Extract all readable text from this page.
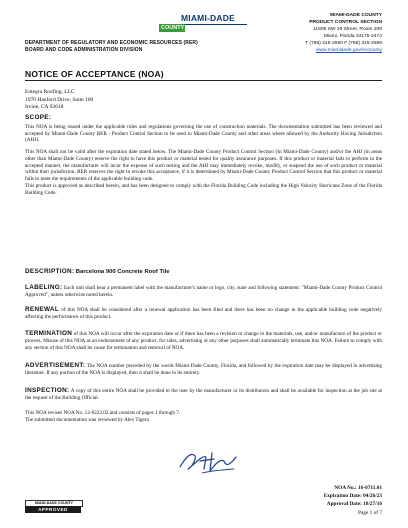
MIAMI-DADE
COUNTY
DEPARTMENT OF REGULATORY AND ECONOMIC RESOURCES (RER)
BOARD AND CODE ADMINISTRATION DIVISION
MIAMI-DADE COUNTY
PRODUCT CONTROL SECTION
11805 SW 26 Street, Room 208
Miami, Florida 33175-2474
T (786) 315-2590 F (786) 315-2599
www.miamidade.gov/economy
NOTICE OF ACCEPTANCE (NOA)
Entegra Roofing, LLC
1970 Hanford Drive, Suite 100
Irvine, CA 92618
SCOPE:

This NOA is being issued under the applicable rules and regulations governing the use of construction materials. The documentation submitted has been reviewed and accepted by Miami-Dade County RER - Product Control Section to be used in Miami-Dade County and other areas where allowed by the Authority Having Jurisdiction (AHJ).

This NOA shall not be valid after the expiration date stated below. The Miami-Dade County Product Control Section (In Miami-Dade County) and/or the AHJ (in areas other than Miami-Dade County) reserve the right to have this product or material tested for quality assurance purposes. If this product or material fails to perform in the accepted manner, the manufacturer will incur the expense of such testing and the AHJ may immediately revoke, modify, or suspend the use of such product or material within their jurisdiction. RER reserves the right to revoke this acceptance, if it is determined by Miami-Dade County Product Control Section that this product or material fails to meet the requirements of the applicable building code.

This product is approved as described herein, and has been designed to comply with the Florida Building Code including the High Velocity Hurricane Zone of the Florida Building Code.

DESCRIPTION: Barcelona 900 Concrete Roof Tile
LABELING: Each unit shall bear a permanent label with the manufacturer's name or logo, city, state and following statement: "Miami-Dade County Product Control Approved", unless otherwise noted herein.
RENEWAL of this NOA shall be considered after a renewal application has been filed and there has been no change in the applicable building code negatively affecting the performance of this product.
TERMINATION of this NOA will occur after the expiration date or if there has been a revision or change in the materials, use, and/or manufacture of the product or process. Misuse of this NOA as an endorsement of any product, for sales, advertising or any other purposes shall automatically terminate this NOA. Failure to comply with any section of this NOA shall be cause for termination and removal of NOA.
ADVERTISEMENT: The NOA number preceded by the words Miami-Dade County, Florida, and followed by the expiration date may be displayed in advertising literature. If any portion of the NOA is displayed, then it shall be done in its entirety.
INSPECTION: A copy of this entire NOA shall be provided to the user by the manufacturer or its distributors and shall be available for inspection at the job site at the request of the Building Official.

This NOA revises NOA No. 12-0222.02 and consists of pages 1 through 7.

The submitted documentation was reviewed by Alex Tigera

MIAMI-DADE COUNTY
APPROVED
NOA No.: 16-0711.01
Expiration Date: 04/26/23
Approval Date: 10/27/16
Page 1 of 7
